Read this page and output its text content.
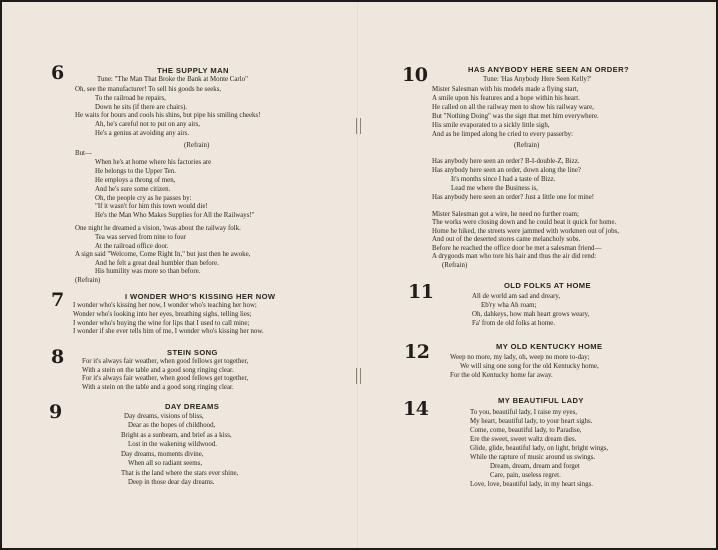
6	THE SUPPLY MAN
Tune: "The Man That Broke the Bank at Monte Carlo"
Oh, see the manufacturer! To sell his goods he seeks,
To the railroad he repairs,
Down he sits (if there are chairs).
He waits for hours and cools his shins, but pipe his smiling cheeks!
Ah, he's careful not to put on any airs,
He's a genius at avoiding any airs.
(Refrain)
But—
When he's at home where his factories are
He belongs to the Upper Ten.
He employs a throng of men,
And he's sure some citizen.
Oh, the people cry as he passes by:
"If it wasn't for him this town would die!
He's the Man Who Makes Supplies for All the Railways!"
One night he dreamed a vision, 'twas about the railway folk.
Tea was served from nine to four
At the railroad office door.
A sign said "Welcome, Come Right In," but just then he awoke,
And he felt a great deal humbler than before.
His humility was more so than before.
(Refrain)
7	I WONDER WHO'S KISSING HER NOW
I wonder who's kissing her now, I wonder who's teaching her how;
Wonder who's looking into her eyes, breathing sighs, telling lies;
I wonder who's buying the wine for lips that I used to call mine;
I wonder if she ever tells him of me, I wonder who's kissing her now.
8	STEIN SONG
For it's always fair weather, when good fellows get together,
With a stein on the table and a good song ringing clear.
For it's always fair weather, when good fellows get together,
With a stein on the table and a good song ringing clear.
9	DAY DREAMS
Day dreams, visions of bliss,
Dear as the hopes of childhood,
Bright as a sunbeam, and brief as a kiss,
Lost in the wakening wildwood.
Day dreams, moments divine,
When all so radiant seems,
That is the land where the stars ever shine,
Deep in those dear day dreams.
10	HAS ANYBODY HERE SEEN AN ORDER?
Tune: 'Has Anybody Here Seen Kelly?'
Mister Salesman with his models made a flying start,
A smile upon his features and a hope within his heart.
He called on all the railway men to show his railway ware,
But "Nothing Doing" was the sign that met him everywhere.
His smile evaporated to a sickly little sigh,
And as he limped along he cried to every passerby:
(Refrain)
Has anybody here seen an order? B-I-double-Z, Bizz.
Has anybody here seen an order, down along the line?
It's months since I had a taste of Bizz.
Lead me where the Business is,
Has anybody here seen an order? Just a little one for mine!
Mister Salesman got a wire, he need no further roam;
The works were closing down and he could beat it quick for home.
Home he hiked, the streets were jammed with workmen out of jobs,
And out of the deserted stores came melancholy sobs.
Before he reached the office door he met a salesman friend—
A drygoods man who tore his hair and thus the air did rend:
(Refrain)
11	OLD FOLKS AT HOME
All de world am sad and dreary,
Eb'ry wha Ah roam;
Oh, dahkeys, how mah heart grows weary,
Fa' from de old folks at home.
12	MY OLD KENTUCKY HOME
Weep no more, my lady, oh, weep no more to-day;
We will sing one song for the old Kentucky home,
For the old Kentucky home far away.
14	MY BEAUTIFUL LADY
To you, beautiful lady, I raise my eyes,
My heart, beautiful lady, to your heart sighs.
Come, come, beautiful lady, to Paradise,
Ere the sweet, sweet waltz dream dies.
Glide, glide, beautiful lady, on light, bright wings,
While the rapture of music around us swings.
Dream, dream, dream and forget
Care, pain, useless regret.
Love, love, beautiful lady, in my heart sings.
